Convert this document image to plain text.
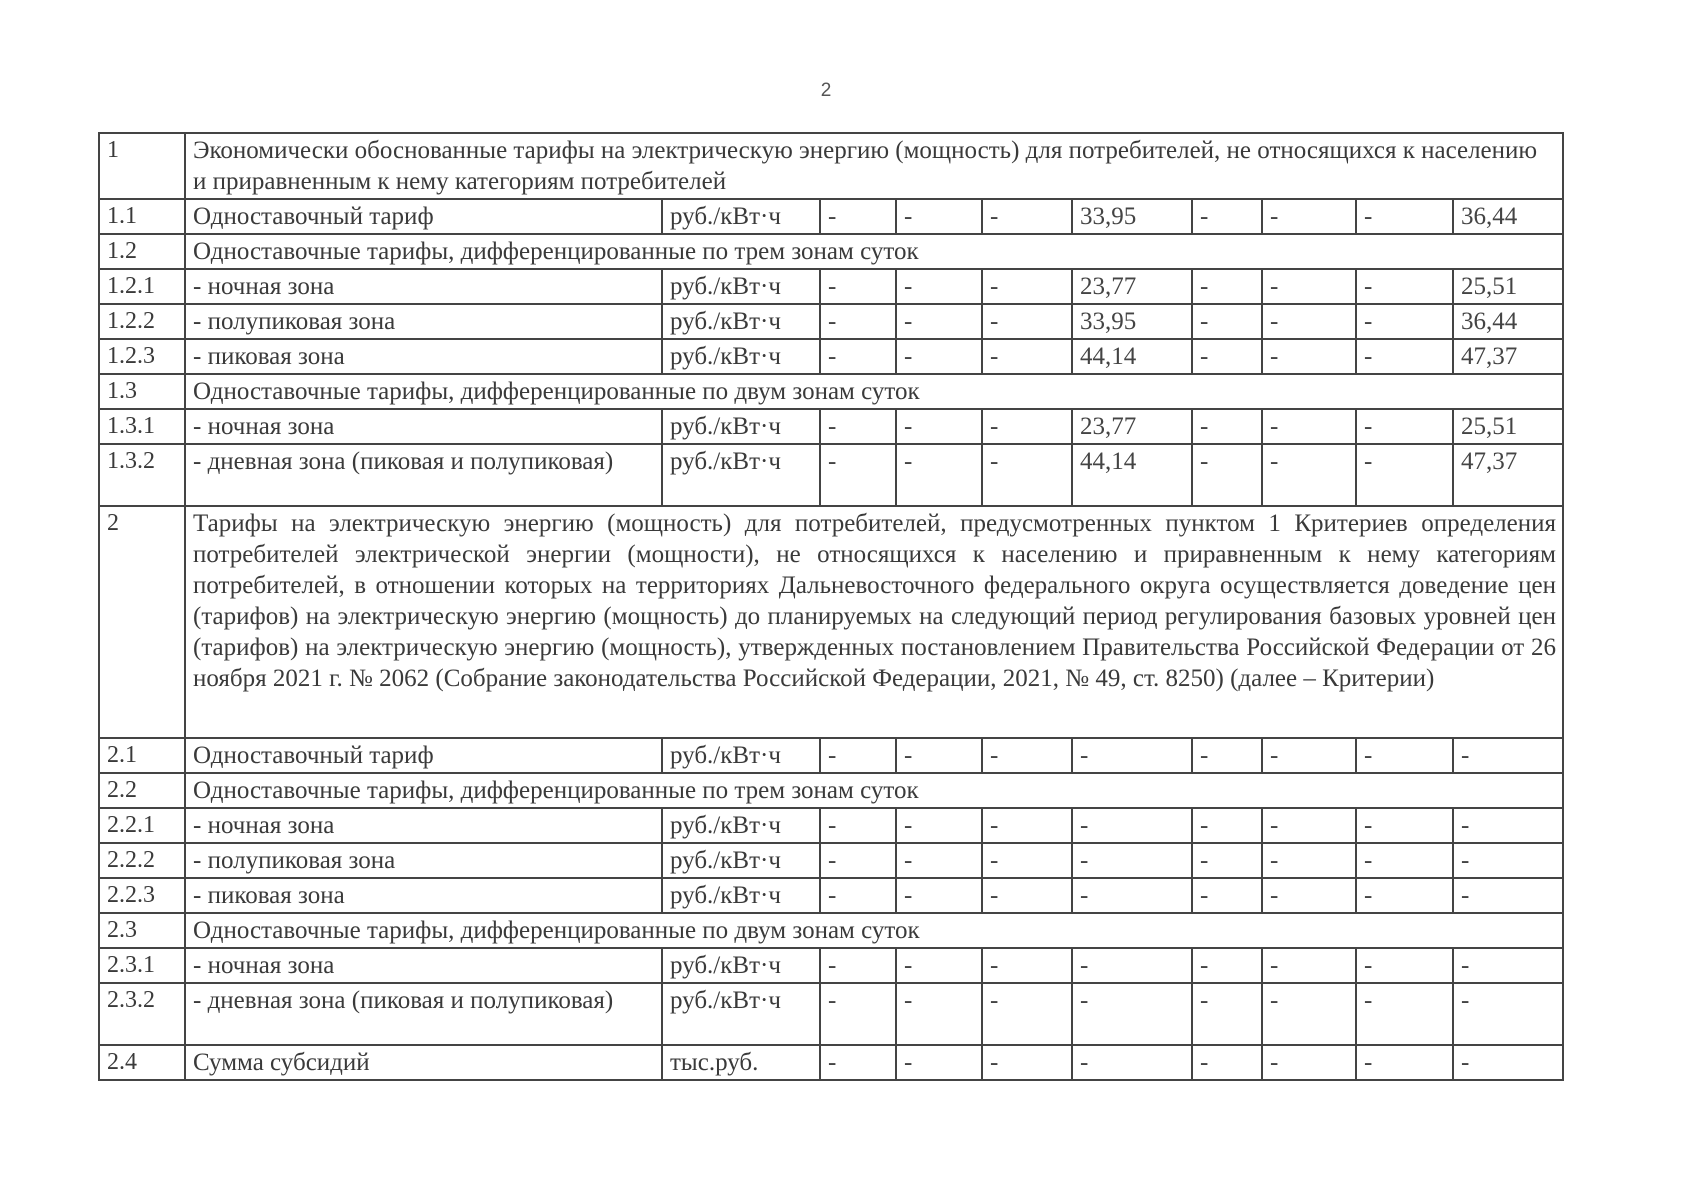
2
1	Экономически обоснованные тарифы на электрическую энергию (мощность) для потребителей, не относящихся к населению и приравненным к нему категориям потребителей									
1.1	Одноставочный тариф	руб./кВт·ч	-	-	-	33,95	-	-	-	36,44
1.2	Одноставочные тарифы, дифференцированные по трем зонам суток									
1.2.1	- ночная зона	руб./кВт·ч	-	-	-	23,77	-	-	-	25,51
1.2.2	- полупиковая зона	руб./кВт·ч	-	-	-	33,95	-	-	-	36,44
1.2.3	- пиковая зона	руб./кВт·ч	-	-	-	44,14	-	-	-	47,37
1.3	Одноставочные тарифы, дифференцированные по двум зонам суток									
1.3.1	- ночная зона	руб./кВт·ч	-	-	-	23,77	-	-	-	25,51
1.3.2	- дневная зона (пиковая и полупиковая)	руб./кВт·ч	-	-	-	44,14	-	-	-	47,37
2	Тарифы на электрическую энергию (мощность) для потребителей, предусмотренных пунктом 1 Критериев определения потребителей электрической энергии (мощности), не относящихся к населению и приравненным к нему категориям потребителей, в отношении которых на территориях Дальневосточного федерального округа осуществляется доведение цен (тарифов) на электрическую энергию (мощность) до планируемых на следующий период регулирования базовых уровней цен (тарифов) на электрическую энергию (мощность), утвержденных постановлением Правительства Российской Федерации от 26 ноября 2021 г. № 2062 (Собрание законодательства Российской Федерации, 2021, № 49, ст. 8250) (далее – Критерии)									
2.1	Одноставочный тариф	руб./кВт·ч	-	-	-	-	-	-	-	-
2.2	Одноставочные тарифы, дифференцированные по трем зонам суток									
2.2.1	- ночная зона	руб./кВт·ч	-	-	-	-	-	-	-	-
2.2.2	- полупиковая зона	руб./кВт·ч	-	-	-	-	-	-	-	-
2.2.3	- пиковая зона	руб./кВт·ч	-	-	-	-	-	-	-	-
2.3	Одноставочные тарифы, дифференцированные по двум зонам суток									
2.3.1	- ночная зона	руб./кВт·ч	-	-	-	-	-	-	-	-
2.3.2	- дневная зона (пиковая и полупиковая)	руб./кВт·ч	-	-	-	-	-	-	-	-
2.4	Сумма субсидий	тыс.руб.	-	-	-	-	-	-	-	-
